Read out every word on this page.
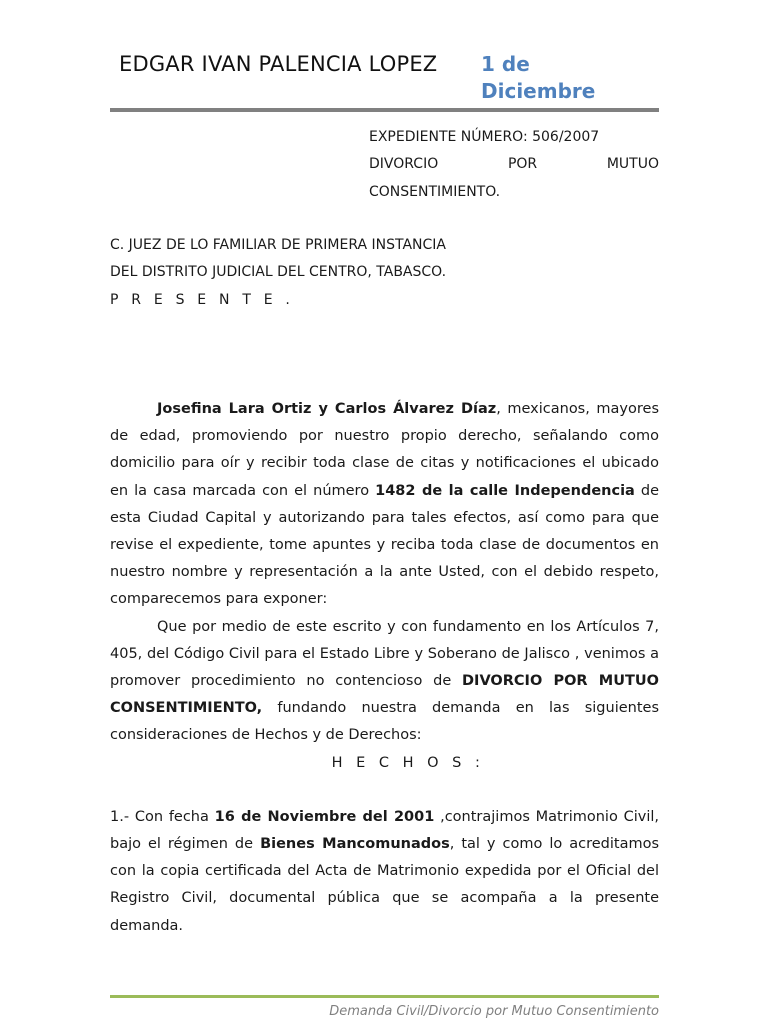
EDGAR IVAN PALENCIA LOPEZ 1 de
Diciembre
EXPEDIENTE NÚMERO: 506/2007
DIVORCIO POR MUTUO
CONSENTIMIENTO.
C. JUEZ DE LO FAMILIAR DE PRIMERA INSTANCIA
DEL DISTRITO JUDICIAL DEL CENTRO, TABASCO.
P R E S E N T E .

Josefina Lara Ortiz y Carlos Álvarez Díaz, mexicanos, mayores de edad, promoviendo por nuestro propio derecho, señalando como domicilio para oír y recibir toda clase de citas y notificaciones el ubicado en la casa marcada con el número 1482 de la calle Independencia de esta Ciudad Capital y autorizando para tales efectos, así como para que revise el expediente, tome apuntes y reciba toda clase de documentos en nuestro nombre y representación a la ante Usted, con el debido respeto, comparecemos para exponer:

Que por medio de este escrito y con fundamento en los Artículos 7, 405, del Código Civil para el Estado Libre y Soberano de Jalisco , venimos a promover procedimiento no contencioso de DIVORCIO POR MUTUO CONSENTIMIENTO, fundando nuestra demanda en las siguientes consideraciones de Hechos y de Derechos:

H E C H O S :

1.- Con fecha 16 de Noviembre del 2001 ,contrajimos Matrimonio Civil, bajo el régimen de Bienes Mancomunados, tal y como lo acreditamos con la copia certificada del Acta de Matrimonio expedida por el Oficial del Registro Civil, documental pública que se acompaña a la presente demanda.

Demanda Civil/Divorcio por Mutuo Consentimiento
